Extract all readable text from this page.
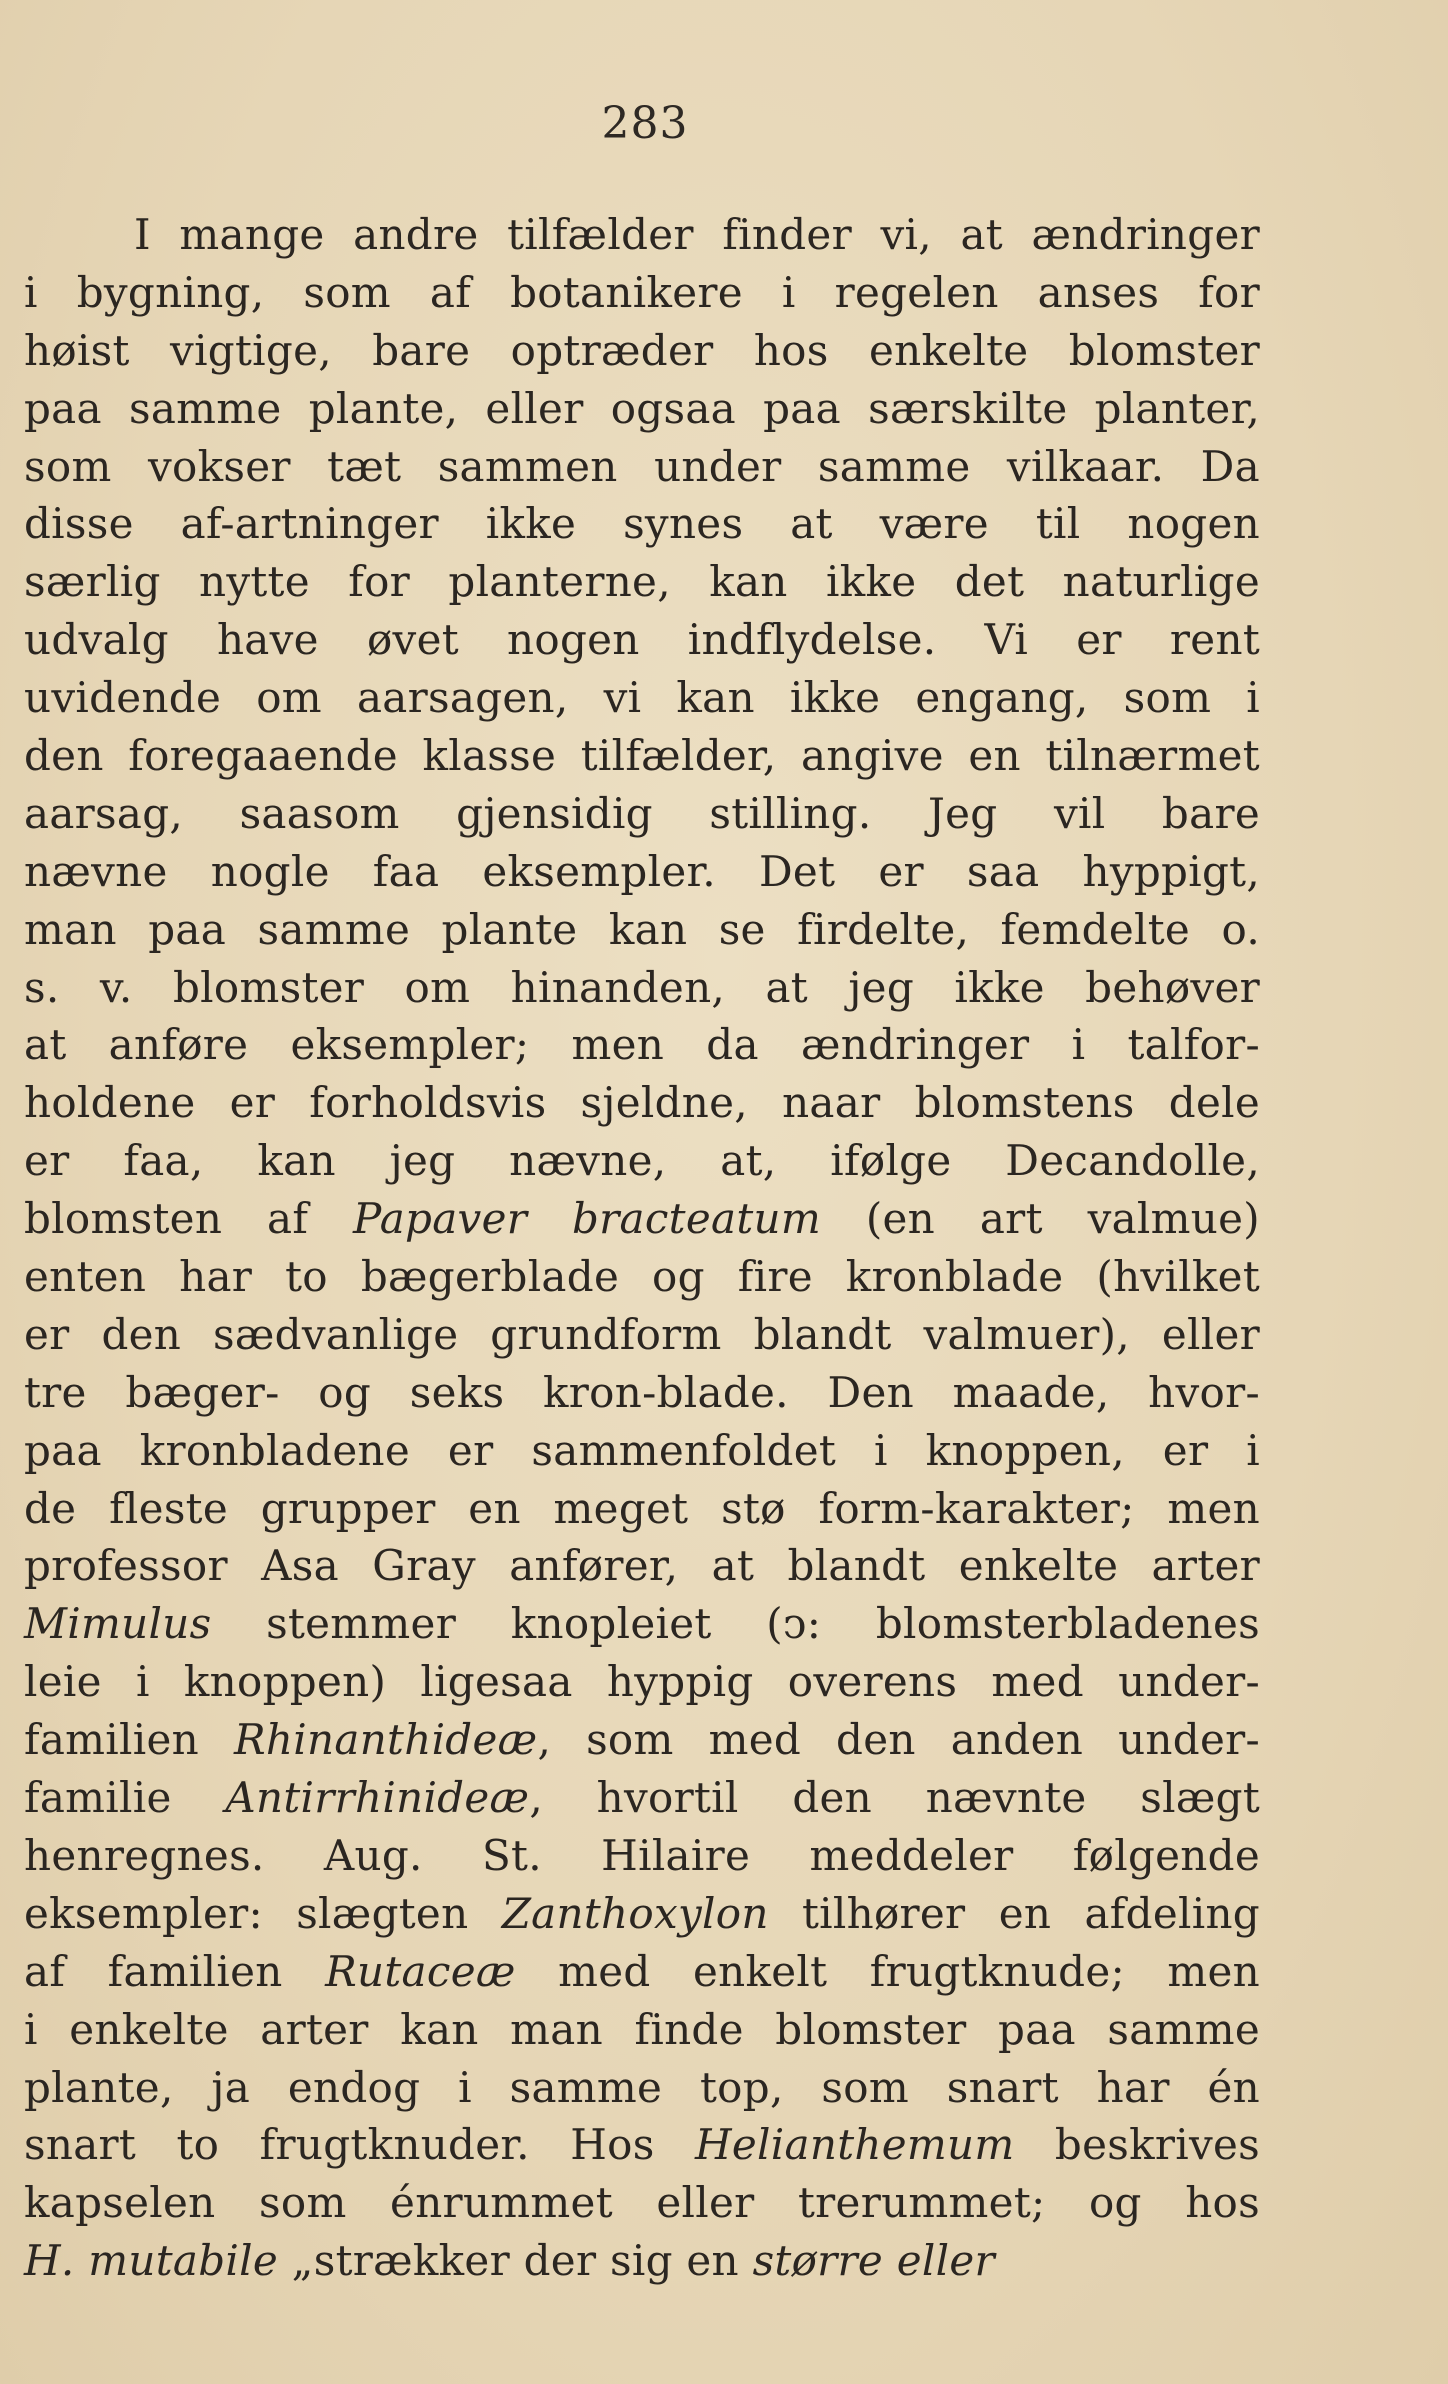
283
I mange andre tilfælder finder vi, at ændringer
i bygning, som af botanikere i regelen anses for
høist vigtige, bare optræder hos enkelte blomster
paa samme plante, eller ogsaa paa særskilte planter,
som vokser tæt sammen under samme vilkaar. Da
disse af-artninger ikke synes at være til nogen
særlig nytte for planterne, kan ikke det naturlige
udvalg have øvet nogen indflydelse. Vi er rent
uvidende om aarsagen, vi kan ikke engang, som i
den foregaaende klasse tilfælder, angive en tilnærmet
aarsag, saasom gjensidig stilling. Jeg vil bare
nævne nogle faa eksempler. Det er saa hyppigt,
man paa samme plante kan se firdelte, femdelte o.
s. v. blomster om hinanden, at jeg ikke behøver
at anføre eksempler; men da ændringer i talfor-
holdene er forholdsvis sjeldne, naar blomstens dele
er faa, kan jeg nævne, at, ifølge Decandolle,
blomsten af Papaver bracteatum (en art valmue)
enten har to bægerblade og fire kronblade (hvilket
er den sædvanlige grundform blandt valmuer), eller
tre bæger- og seks kron-blade. Den maade, hvor-
paa kronbladene er sammenfoldet i knoppen, er i
de fleste grupper en meget stø form-karakter; men
professor Asa Gray anfører, at blandt enkelte arter
Mimulus stemmer knopleiet (ↄ: blomsterbladenes
leie i knoppen) ligesaa hyppig overens med under-
familien Rhinanthideæ, som med den anden under-
familie Antirrhinideæ, hvortil den nævnte slægt
henregnes. Aug. St. Hilaire meddeler følgende
eksempler: slægten Zanthoxylon tilhører en afdeling
af familien Rutaceæ med enkelt frugtknude; men
i enkelte arter kan man finde blomster paa samme
plante, ja endog i samme top, som snart har én
snart to frugtknuder. Hos Helianthemum beskrives
kapselen som énrummet eller trerummet; og hos
H. mutabile „strækker der sig en større eller
